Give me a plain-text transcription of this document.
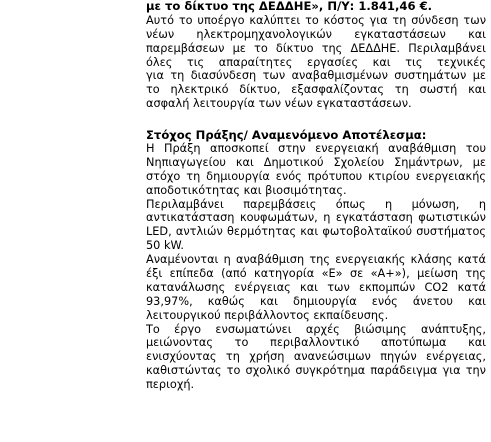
με το δίκτυο της ΔΕΔΔΗΕ», Π/Υ: 1.841,46 €.
Αυτό το υποέργο καλύπτει το κόστος για τη σύνδεση των
νέων ηλεκτρομηχανολογικών εγκαταστάσεων και
παρεμβάσεων με το δίκτυο της ΔΕΔΔΗΕ. Περιλαμβάνει
όλες τις απαραίτητες εργασίες και τις τεχνικές
για τη διασύνδεση των αναβαθμισμένων συστημάτων με
το ηλεκτρικό δίκτυο, εξασφαλίζοντας τη σωστή και
ασφαλή λειτουργία των νέων εγκαταστάσεων.
Στόχος Πράξης/ Αναμενόμενο Αποτέλεσμα:
Η Πράξη αποσκοπεί στην ενεργειακή αναβάθμιση του
Νηπιαγωγείου και Δημοτικού Σχολείου Σημάντρων, με
στόχο τη δημιουργία ενός πρότυπου κτιρίου ενεργειακής
αποδοτικότητας και βιοσιμότητας.
Περιλαμβάνει παρεμβάσεις όπως η μόνωση, η
αντικατάσταση κουφωμάτων, η εγκατάσταση φωτιστικών
LED, αντλιών θερμότητας και φωτοβολταϊκού συστήματος
50 kW.
Αναμένονται η αναβάθμιση της ενεργειακής κλάσης κατά
έξι επίπεδα (από κατηγορία «Ε» σε «Α+»), μείωση της
κατανάλωσης ενέργειας και των εκπομπών CO2 κατά
93,97%, καθώς και δημιουργία ενός άνετου και
λειτουργικού περιβάλλοντος εκπαίδευσης.
Το έργο ενσωματώνει αρχές βιώσιμης ανάπτυξης,
μειώνοντας το περιβαλλοντικό αποτύπωμα και
ενισχύοντας τη χρήση ανανεώσιμων πηγών ενέργειας,
καθιστώντας το σχολικό συγκρότημα παράδειγμα για την
περιοχή.
